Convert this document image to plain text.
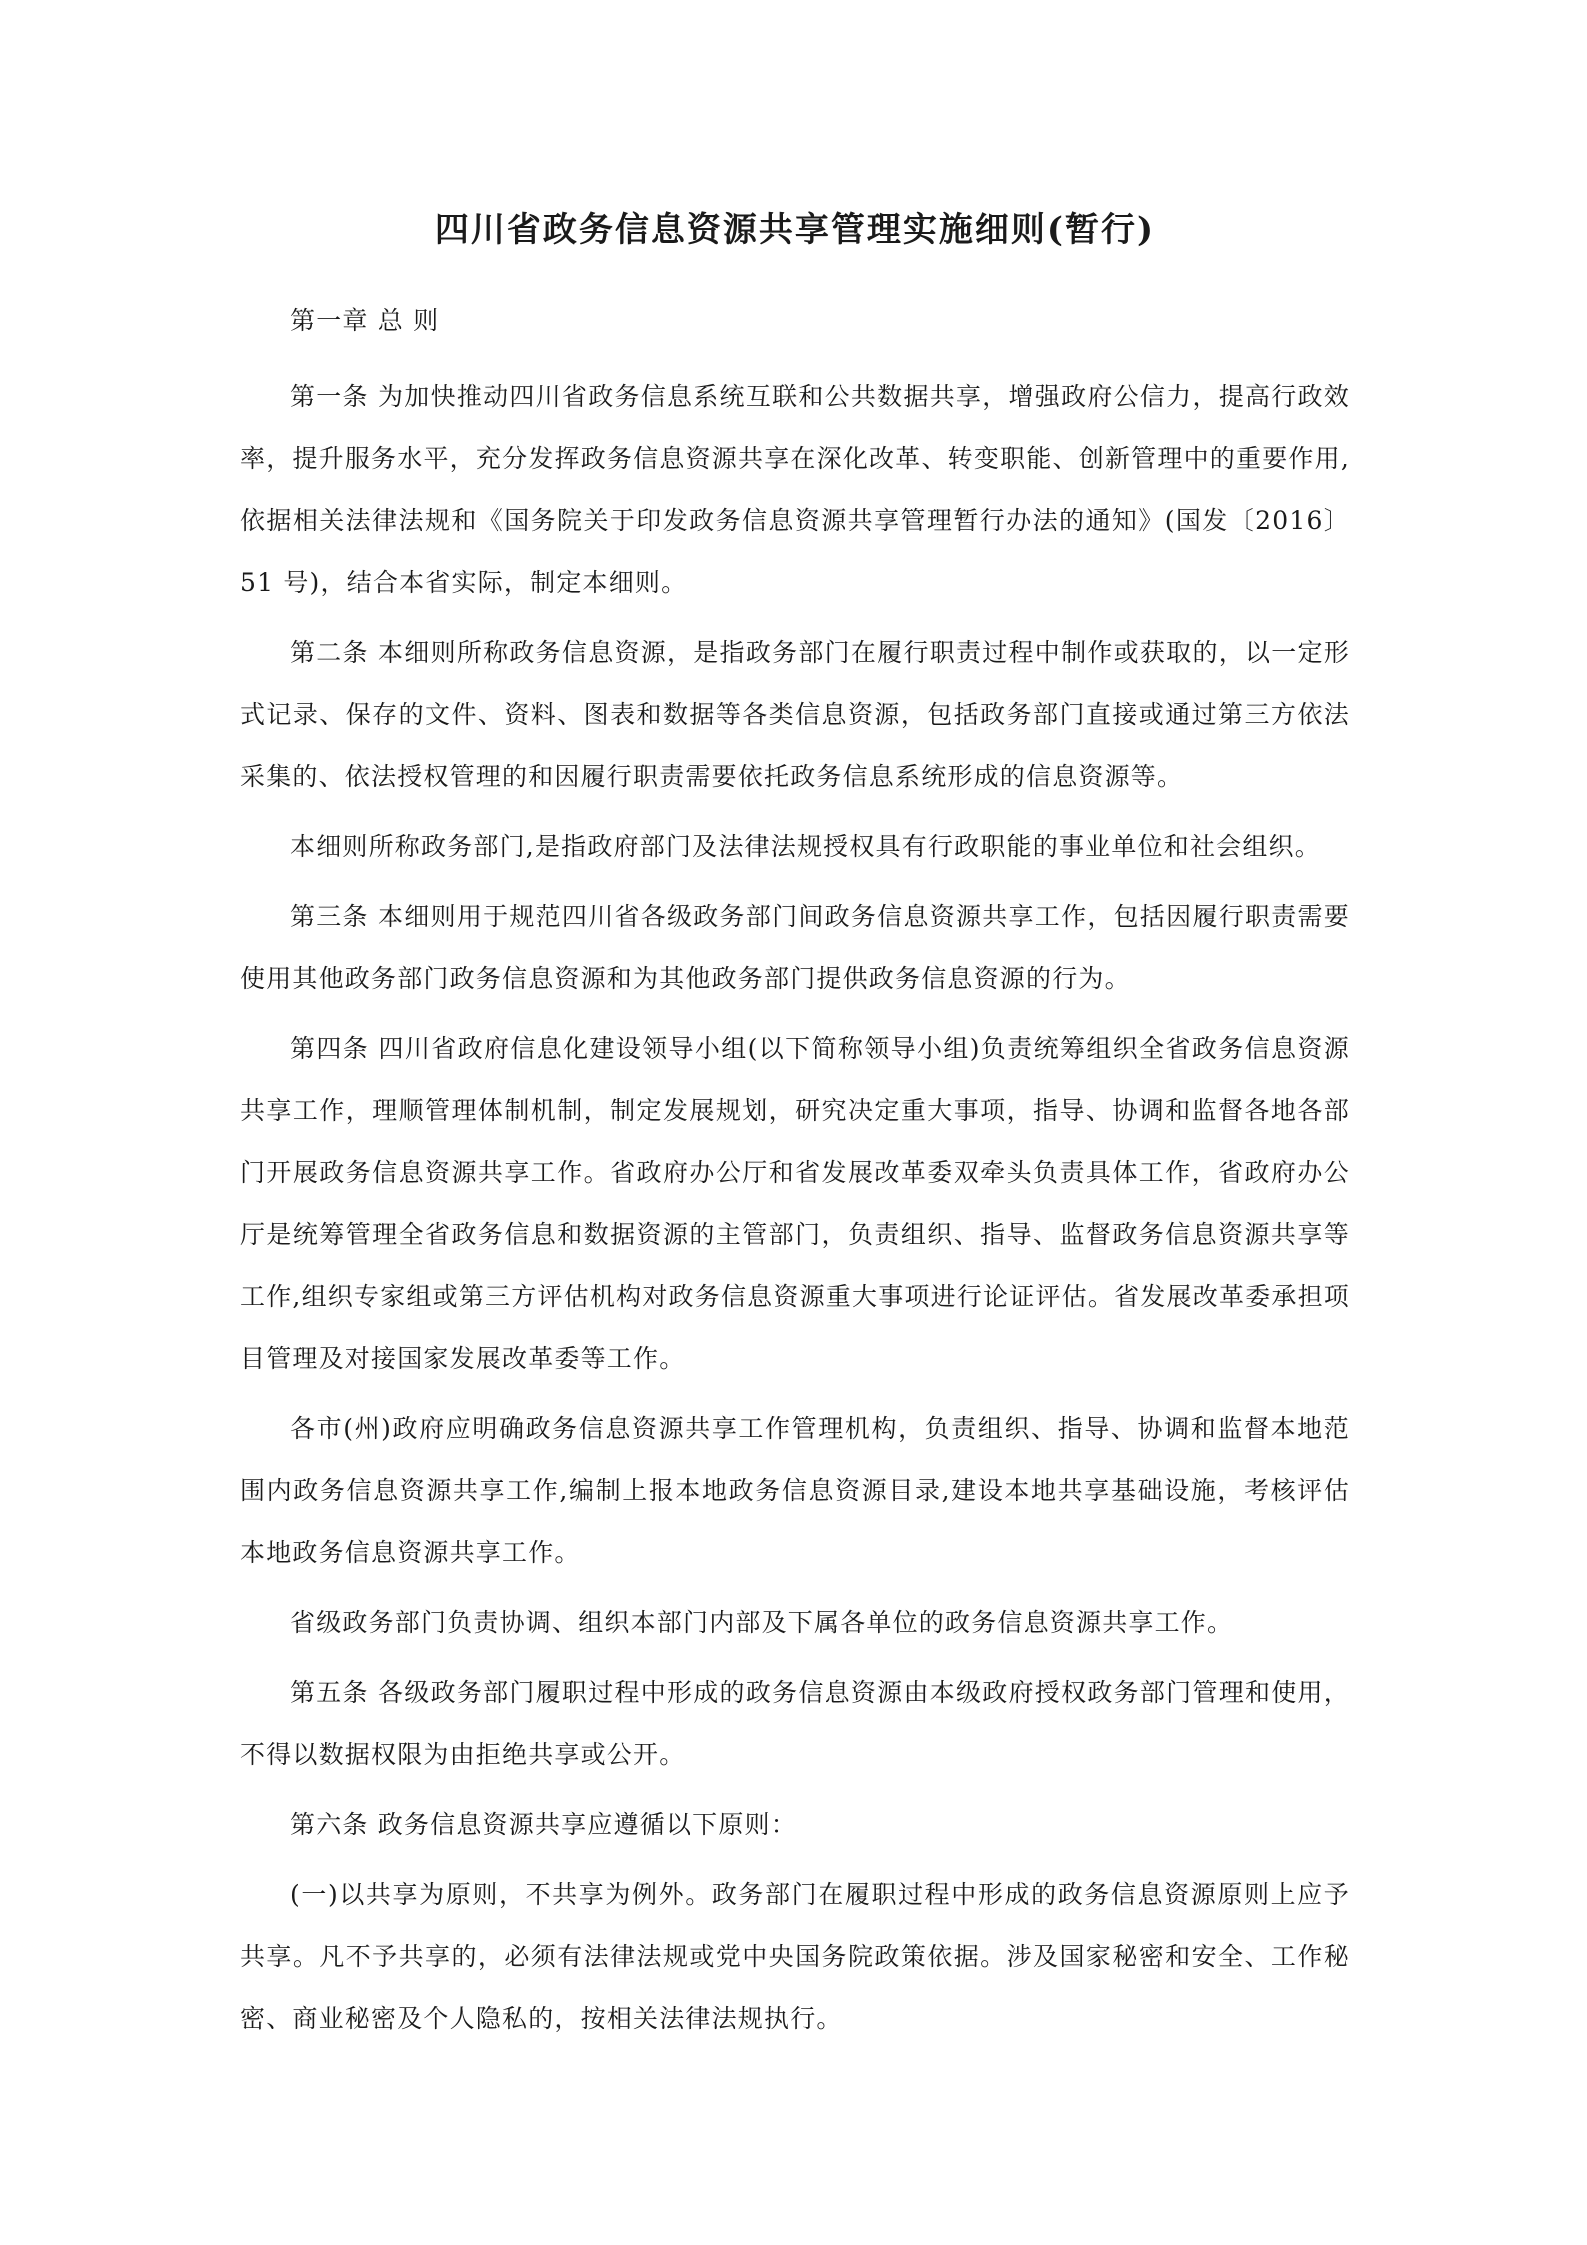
四川省政务信息资源共享管理实施细则(暂行)

第一章 总 则

第一条 为加快推动四川省政务信息系统互联和公共数据共享，增强政府公信力，提高行政效率，提升服务水平，充分发挥政务信息资源共享在深化改革、转变职能、创新管理中的重要作用,依据相关法律法规和《国务院关于印发政务信息资源共享管理暂行办法的通知》(国发〔2016〕51 号)，结合本省实际，制定本细则。

第二条 本细则所称政务信息资源，是指政务部门在履行职责过程中制作或获取的，以一定形式记录、保存的文件、资料、图表和数据等各类信息资源，包括政务部门直接或通过第三方依法采集的、依法授权管理的和因履行职责需要依托政务信息系统形成的信息资源等。

本细则所称政务部门,是指政府部门及法律法规授权具有行政职能的事业单位和社会组织。

第三条 本细则用于规范四川省各级政务部门间政务信息资源共享工作，包括因履行职责需要使用其他政务部门政务信息资源和为其他政务部门提供政务信息资源的行为。

第四条 四川省政府信息化建设领导小组(以下简称领导小组)负责统筹组织全省政务信息资源共享工作，理顺管理体制机制，制定发展规划，研究决定重大事项，指导、协调和监督各地各部门开展政务信息资源共享工作。省政府办公厅和省发展改革委双牵头负责具体工作，省政府办公厅是统筹管理全省政务信息和数据资源的主管部门，负责组织、指导、监督政务信息资源共享等工作,组织专家组或第三方评估机构对政务信息资源重大事项进行论证评估。省发展改革委承担项目管理及对接国家发展改革委等工作。

各市(州)政府应明确政务信息资源共享工作管理机构，负责组织、指导、协调和监督本地范围内政务信息资源共享工作,编制上报本地政务信息资源目录,建设本地共享基础设施，考核评估本地政务信息资源共享工作。

省级政务部门负责协调、组织本部门内部及下属各单位的政务信息资源共享工作。

第五条 各级政务部门履职过程中形成的政务信息资源由本级政府授权政务部门管理和使用，不得以数据权限为由拒绝共享或公开。

第六条 政务信息资源共享应遵循以下原则：

(一)以共享为原则，不共享为例外。政务部门在履职过程中形成的政务信息资源原则上应予共享。凡不予共享的，必须有法律法规或党中央国务院政策依据。涉及国家秘密和安全、工作秘密、商业秘密及个人隐私的，按相关法律法规执行。
